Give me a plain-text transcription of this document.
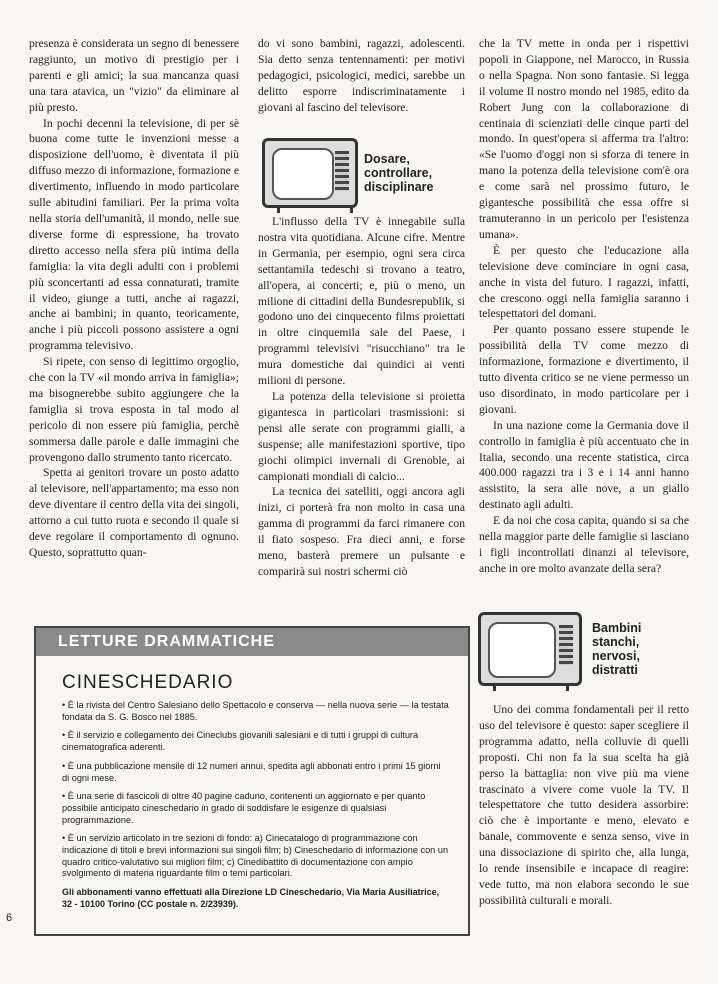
presenza è considerata un segno di benessere raggiunto, un motivo di prestigio per i parenti e gli amici; la sua mancanza quasi una tara atavica, un "vizio" da eliminare al più presto.

In pochi decenni la televisione, di per sè buona come tutte le invenzioni messe a disposizione dell'uomo, è diventata il più diffuso mezzo di informazione, formazione e divertimento, influendo in modo particolare sulle abitudini familiari. Per la prima volta nella storia dell'umanità, il mondo, nelle sue diverse forme di espressione, ha trovato diretto accesso nella sfera più intima della famiglia: la vita degli adulti con i problemi più sconcertanti ad essa connaturati, tramite il video, giunge a tutti, anche ai ragazzi, anche ai bambini; in quanto, teoricamente, anche i più piccoli possono assistere a ogni programma televisivo.

Si ripete, con senso di legittimo orgoglio, che con la TV «il mondo arriva in famiglia»; ma bisognerebbe subito aggiungere che la famiglia si trova esposta in tal modo al pericolo di non essere più famiglia, perchè sommersa dalle parole e dalle immagini che provengono dallo strumento tanto ricercato.

Spetta ai genitori trovare un posto adatto al televisore, nell'appartamento; ma esso non deve diventare il centro della vita dei singoli, attorno a cui tutto ruota e secondo il quale si deve regolare il comportamento di ognuno. Questo, soprattutto quan-

do vi sono bambini, ragazzi, adolescenti. Sia detto senza tentennamenti: per motivi pedagogici, psicologici, medici, sarebbe un delitto esporre indiscriminatamente i giovani al fascino del televisore.

Dosare, controllare, disciplinare

L'influsso della TV è innegabile sulla nostra vita quotidiana. Alcune cifre. Mentre in Germania, per esempio, ogni sera circa settantamila tedeschi si trovano a teatro, all'opera, ai concerti; e, più o meno, un milione di cittadini della Bundesrepublik, si godono uno dei cinquecento films proiettati in oltre cinquemila sale del Paese, i programmi televisivi "risucchiano" tra le mura domestiche dai quindici ai venti milioni di persone.

La potenza della televisione si proietta gigantesca in particolari trasmissioni: si pensi alle serate con programmi gialli, a suspense; alle manifestazioni sportive, tipo giochi olimpici invernali di Grenoble, ai campionati mondiali di calcio...

La tecnica dei satelliti, oggi ancora agli inizi, ci porterà fra non molto in casa una gamma di programmi da farci rimanere con il fiato sospeso. Fra dieci anni, e forse meno, basterà premere un pulsante e comparirà sui nostri schermi ciò

che la TV mette in onda per i rispettivi popoli in Giappone, nel Marocco, in Russia o nella Spagna. Non sono fantasie. Si legga il volume Il nostro mondo nel 1985, edito da Robert Jung con la collaborazione di centinaia di scienziati delle cinque parti del mondo. In quest'opera si afferma tra l'altro: «Se l'uomo d'oggi non si sforza di tenere in mano la potenza della televisione com'è ora e come sarà nel prossimo futuro, le gigantesche possibilità che essa offre si tramuteranno in un pericolo per l'esistenza umana».

È per questo che l'educazione alla televisione deve cominciare in ogni casa, anche in vista del futuro. I ragazzi, infatti, che crescono oggi nella famiglia saranno i telespettatori del domani.

Per quanto possano essere stupende le possibilità della TV come mezzo di informazione, formazione e divertimento, il tutto diventa critico se ne viene permesso un uso disordinato, in modo particolare per i giovani.

In una nazione come la Germania dove il controllo in famiglia è più accentuato che in Italia, secondo una recente statistica, circa 400.000 ragazzi tra i 3 e i 14 anni hanno assistito, la sera alle nove, a un giallo destinato agli adulti.

E da noi che cosa capita, quando si sa che nella maggior parte delle famiglie si lasciano i figli incontrollati dinanzi al televisore, anche in ore molto avanzate della sera?

Bambini stanchi, nervosi, distratti

Uno dei comma fondamentali per il retto uso del televisore è questo: saper scegliere il programma adatto, nella colluvie di quelli proposti. Chi non fa la sua scelta ha già perso la battaglia: non vive più ma viene trascinato a vivere come vuole la TV. Il telespettatore che tutto desidera assorbire: ciò che è importante e meno, elevato e banale, commovente e senza senso, vive in una dissociazione di spirito che, alla lunga, lo rende insensibile e incapace di reagire: vede tutto, ma non elabora secondo le sue possibilità culturali e morali.

LETTURE DRAMMATICHE
CINESCHEDARIO
• È la rivista del Centro Salesiano dello Spettacolo e conserva — nella nuova serie — la testata fondata da S. G. Bosco nel 1885.
• È il servizio e collegamento dei Cineclubs giovanili salesiani e di tutti i gruppi di cultura cinematografica aderenti.
• È una pubblicazione mensile di 12 numeri annui, spedita agli abbonati entro i primi 15 giorni di ogni mese.
• È una serie di fascicoli di oltre 40 pagine caduno, contenenti un aggiornato e per quanto possibile anticipato cineschedario in grado di soddisfare le esigenze di qualsiasi programmazione.
• È un servizio articolato in tre sezioni di fondo: a) Cinecatalogo di programmazione con indicazione di titoli e brevi informazioni sui singoli film; b) Cineschedario di informazione con un quadro critico-valutativo sui migliori film; c) Cinedibattito di documentazione con ampio svolgimento di materia riguardante film o temi particolari.
Gli abbonamenti vanno effettuati alla Direzione LD Cineschedario, Via Maria Ausiliatrice, 32 - 10100 Torino (CC postale n. 2/23939).
6
